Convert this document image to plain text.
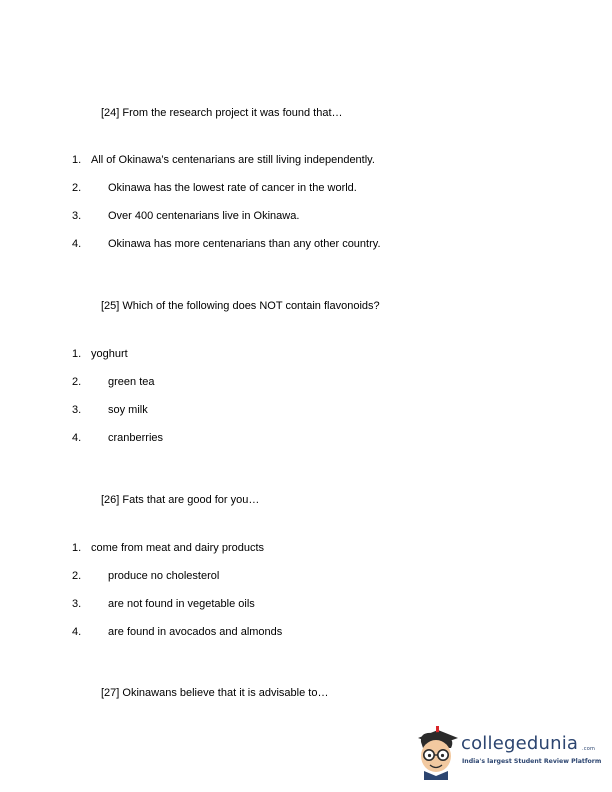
[24] From the research project it was found that…
1. All of Okinawa’s centenarians are still living independently.
2. Okinawa has the lowest rate of cancer in the world.
3. Over 400 centenarians live in Okinawa.
4. Okinawa has more centenarians than any other country.
[25] Which of the following does NOT contain flavonoids?
1. yoghurt
2. green tea
3. soy milk
4. cranberries
[26] Fats that are good for you…
1. come from meat and dairy products
2. produce no cholesterol
3. are not found in vegetable oils
4. are found in avocados and almonds
[27] Okinawans believe that it is advisable to…
collegedunia .com
India's largest Student Review Platform
